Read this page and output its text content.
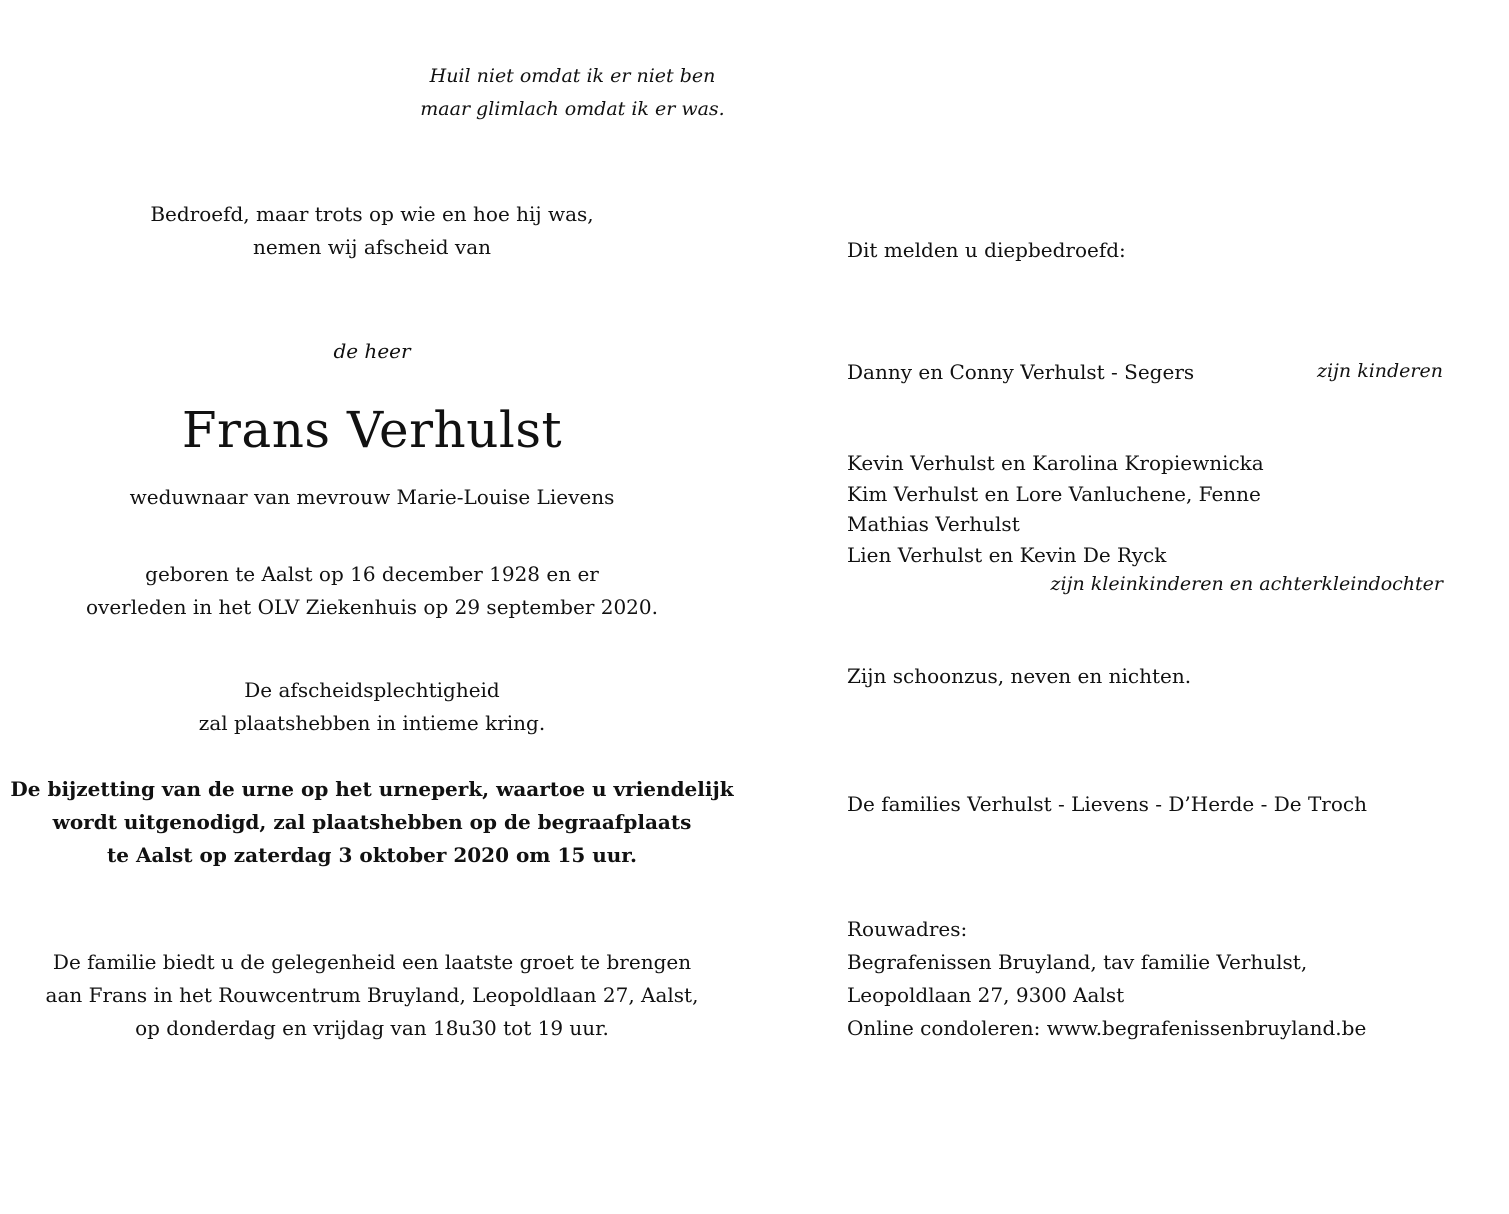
Huil niet omdat ik er niet ben
maar glimlach omdat ik er was.
Bedroefd, maar trots op wie en hoe hij was,
nemen wij afscheid van
de heer
Frans Verhulst
weduwnaar van mevrouw Marie-Louise Lievens
geboren te Aalst op 16 december 1928 en er
overleden in het OLV Ziekenhuis op 29 september 2020.
De afscheidsplechtigheid
zal plaatshebben in intieme kring.
De bijzetting van de urne op het urneperk, waartoe u vriendelijk
wordt uitgenodigd, zal plaatshebben op de begraafplaats
te Aalst op zaterdag 3 oktober 2020 om 15 uur.
De familie biedt u de gelegenheid een laatste groet te brengen
aan Frans in het Rouwcentrum Bruyland, Leopoldlaan 27, Aalst,
op donderdag en vrijdag van 18u30 tot 19 uur.
Dit melden u diepbedroefd:
Danny en Conny Verhulst - Segers	zijn kinderen
Kevin Verhulst en Karolina Kropiewnicka
Kim Verhulst en Lore Vanluchene, Fenne
Mathias Verhulst
Lien Verhulst en Kevin De Ryck
zijn kleinkinderen en achterkleindochter
Zijn schoonzus, neven en nichten.
De families Verhulst - Lievens - D’Herde - De Troch
Rouwadres:
Begrafenissen Bruyland, tav familie Verhulst,
Leopoldlaan 27, 9300 Aalst
Online condoleren: www.begrafenissenbruyland.be
